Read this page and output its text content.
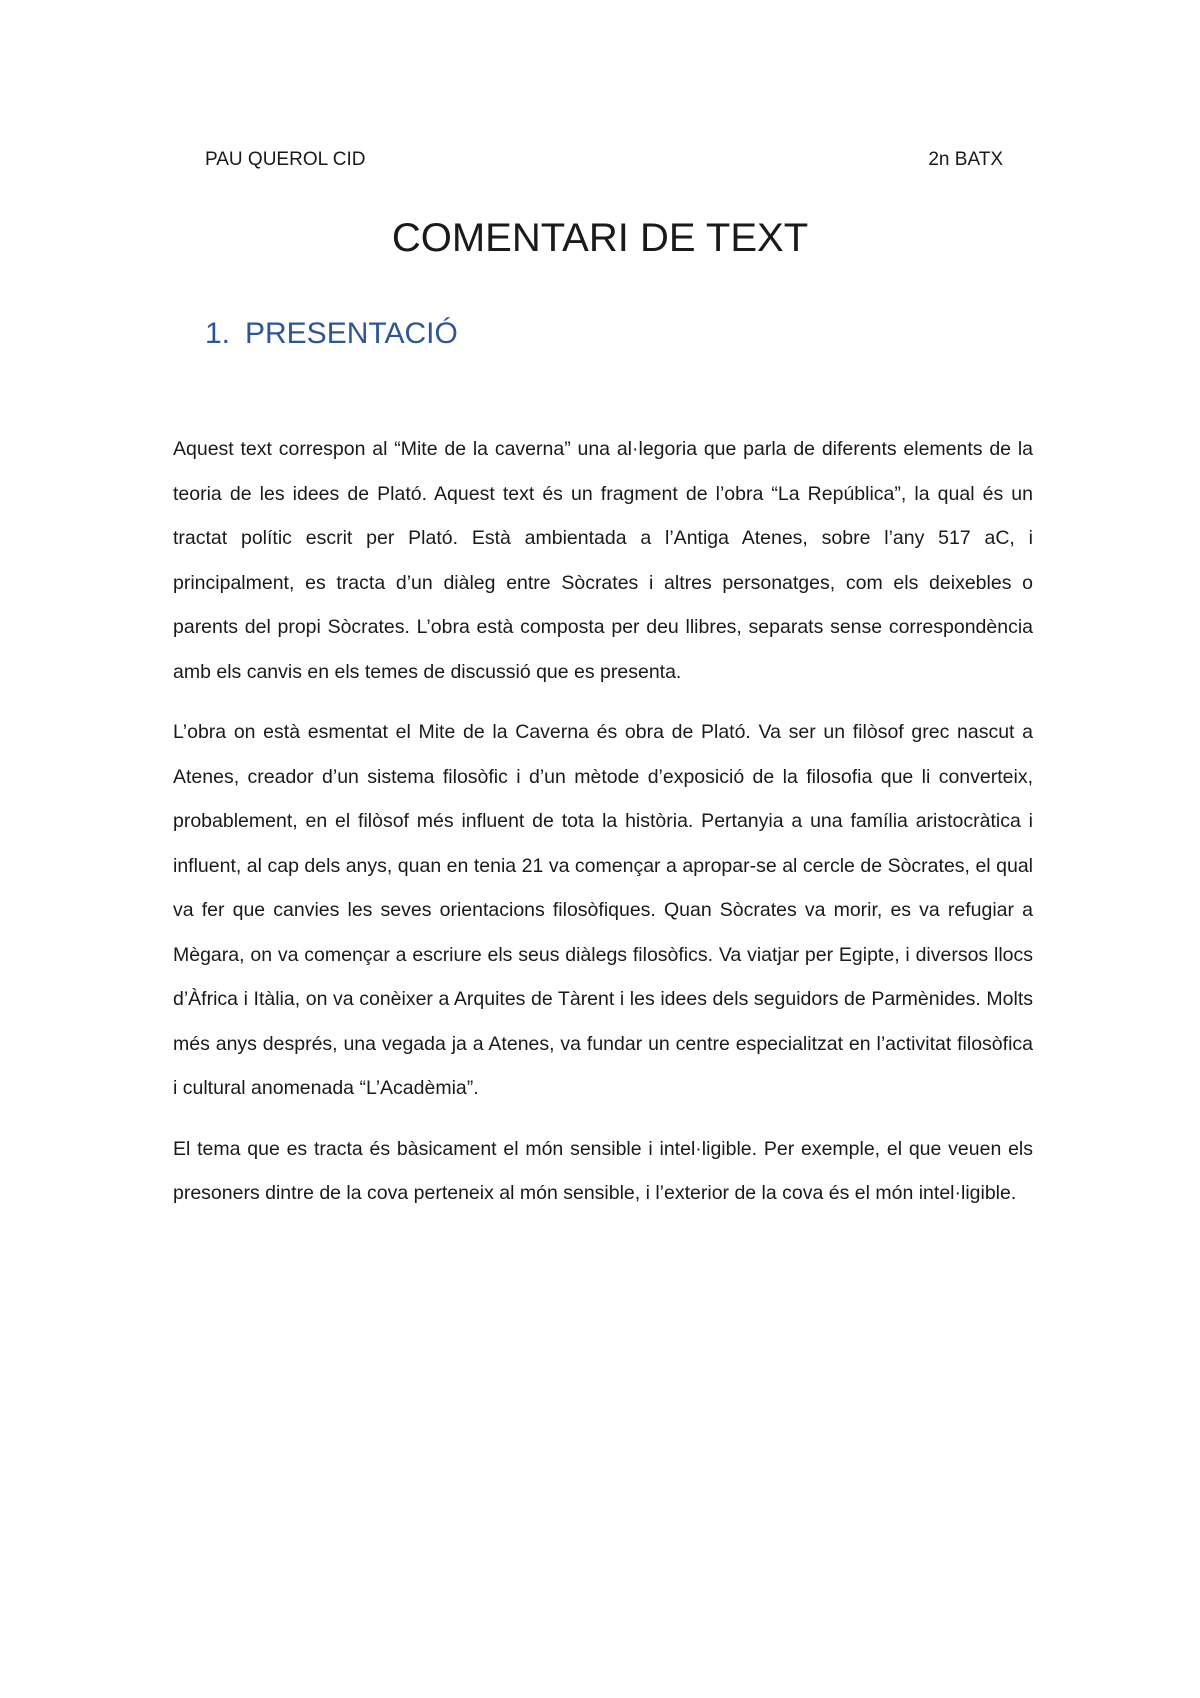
PAU QUEROL CID	2n BATX
COMENTARI DE TEXT
1. PRESENTACIÓ

Aquest text correspon al “Mite de la caverna” una al·legoria que parla de diferents elements de la teoria de les idees de Plató. Aquest text és un fragment de l’obra “La República”, la qual és un tractat polític escrit per Plató. Està ambientada a l’Antiga Atenes, sobre l’any 517 aC, i principalment, es tracta d’un diàleg entre Sòcrates i altres personatges, com els deixebles o parents del propi Sòcrates. L’obra està composta per deu llibres, separats sense correspondència amb els canvis en els temes de discussió que es presenta.

L’obra on està esmentat el Mite de la Caverna és obra de Plató. Va ser un filòsof grec nascut a Atenes, creador d’un sistema filosòfic i d’un mètode d’exposició de la filosofia que li converteix, probablement, en el filòsof més influent de tota la història. Pertanyia a una família aristocràtica i influent, al cap dels anys, quan en tenia 21 va començar a apropar-se al cercle de Sòcrates, el qual va fer que canvies les seves orientacions filosòfiques. Quan Sòcrates va morir, es va refugiar a Mègara, on va començar a escriure els seus diàlegs filosòfics. Va viatjar per Egipte, i diversos llocs d’Àfrica i Itàlia, on va conèixer a Arquites de Tàrent i les idees dels seguidors de Parmènides. Molts més anys després, una vegada ja a Atenes, va fundar un centre especialitzat en l’activitat filosòfica i cultural anomenada “L’Acadèmia”.

El tema que es tracta és bàsicament el món sensible i intel·ligible. Per exemple, el que veuen els presoners dintre de la cova perteneix al món sensible, i l’exterior de la cova és el món intel·ligible.
